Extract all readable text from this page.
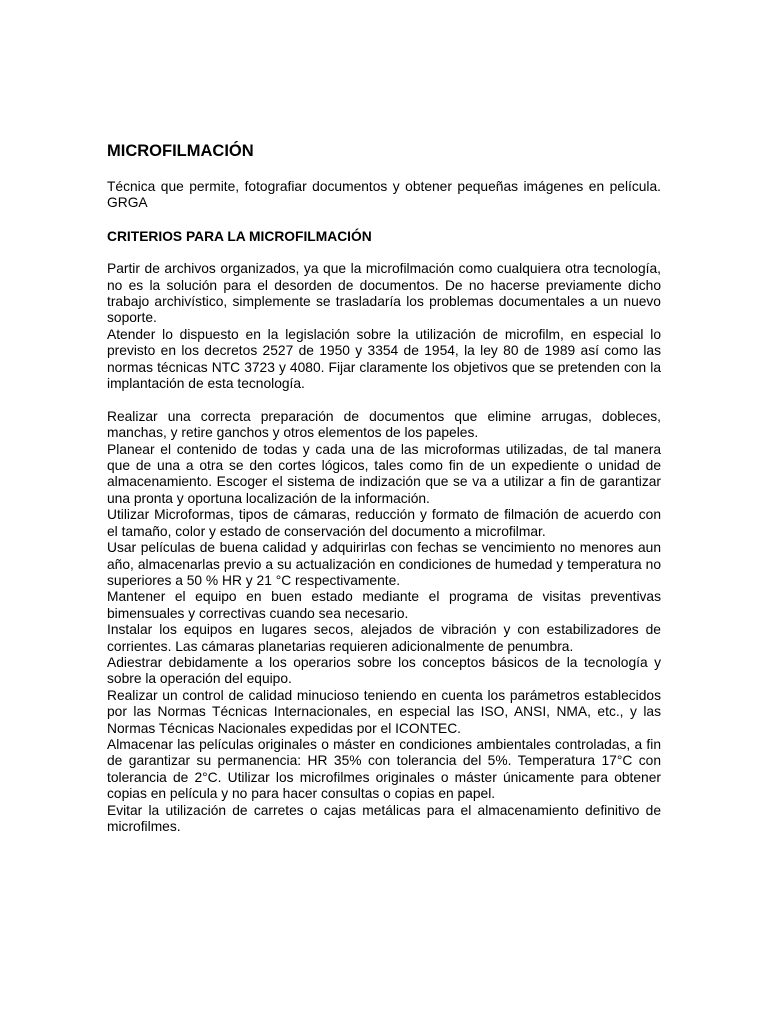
MICROFILMACIÓN

Técnica que permite, fotografiar documentos y obtener pequeñas imágenes en película. GRGA

CRITERIOS PARA LA MICROFILMACIÓN

Partir de archivos organizados, ya que la microfilmación como cualquiera otra tecnología, no es la solución para el desorden de documentos. De no hacerse previamente dicho trabajo archivístico, simplemente se trasladaría los problemas documentales a un nuevo soporte.

Atender lo dispuesto en la legislación sobre la utilización de microfilm, en especial lo previsto en los decretos 2527 de 1950 y 3354 de 1954, la ley 80 de 1989 así como las normas técnicas NTC 3723 y 4080. Fijar claramente los objetivos que se pretenden con la implantación de esta tecnología.

Realizar una correcta preparación de documentos que elimine arrugas, dobleces, manchas, y retire ganchos y otros elementos de los papeles.

Planear el contenido de todas y cada una de las microformas utilizadas, de tal manera que de una a otra se den cortes lógicos, tales como fin de un expediente o unidad de almacenamiento. Escoger el sistema de indización que se va a utilizar a fin de garantizar una pronta y oportuna localización de la información.

Utilizar Microformas, tipos de cámaras, reducción y formato de filmación de acuerdo con el tamaño, color y estado de conservación del documento a microfilmar.

Usar películas de buena calidad y adquirirlas con fechas se vencimiento no menores aun año, almacenarlas previo a su actualización en condiciones de humedad y temperatura no superiores a 50 % HR y 21 °C respectivamente.

Mantener el equipo en buen estado mediante el programa de visitas preventivas bimensuales y correctivas cuando sea necesario.

Instalar los equipos en lugares secos, alejados de vibración y con estabilizadores de corrientes. Las cámaras planetarias requieren adicionalmente de penumbra.

Adiestrar debidamente a los operarios sobre los conceptos básicos de la tecnología y sobre la operación del equipo.

Realizar un control de calidad minucioso teniendo en cuenta los parámetros establecidos por las Normas Técnicas Internacionales, en especial las ISO, ANSI, NMA, etc., y las Normas Técnicas Nacionales expedidas por el ICONTEC.

Almacenar las películas originales o máster en condiciones ambientales controladas, a fin de garantizar su permanencia: HR 35% con tolerancia del 5%. Temperatura 17°C con tolerancia de 2°C. Utilizar los microfilmes originales o máster únicamente para obtener copias en película y no para hacer consultas o copias en papel.

Evitar la utilización de carretes o cajas metálicas para el almacenamiento definitivo de microfilmes.
